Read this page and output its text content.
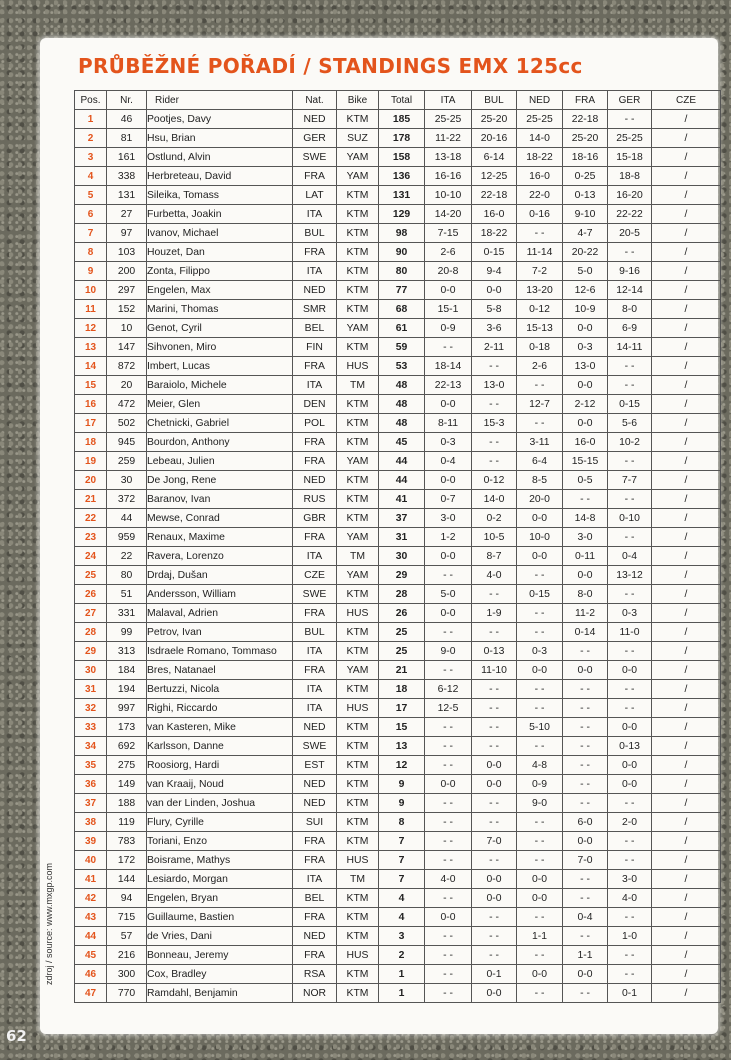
PRŮBĚŽNÉ POŘADÍ / STANDINGS EMX 125cc
Pos.	Nr.	Rider	Nat.	Bike	Total	ITA	BUL	NED	FRA	GER	CZE
1	46	Pootjes, Davy	NED	KTM	185	25-25	25-20	25-25	22-18	- -	/
2	81	Hsu, Brian	GER	SUZ	178	11-22	20-16	14-0	25-20	25-25	/
3	161	Ostlund, Alvin	SWE	YAM	158	13-18	6-14	18-22	18-16	15-18	/
4	338	Herbreteau, David	FRA	YAM	136	16-16	12-25	16-0	0-25	18-8	/
5	131	Sileika, Tomass	LAT	KTM	131	10-10	22-18	22-0	0-13	16-20	/
6	27	Furbetta, Joakin	ITA	KTM	129	14-20	16-0	0-16	9-10	22-22	/
7	97	Ivanov, Michael	BUL	KTM	98	7-15	18-22	- -	4-7	20-5	/
8	103	Houzet, Dan	FRA	KTM	90	2-6	0-15	11-14	20-22	- -	/
9	200	Zonta, Filippo	ITA	KTM	80	20-8	9-4	7-2	5-0	9-16	/
10	297	Engelen, Max	NED	KTM	77	0-0	0-0	13-20	12-6	12-14	/
11	152	Marini, Thomas	SMR	KTM	68	15-1	5-8	0-12	10-9	8-0	/
12	10	Genot, Cyril	BEL	YAM	61	0-9	3-6	15-13	0-0	6-9	/
13	147	Sihvonen, Miro	FIN	KTM	59	- -	2-11	0-18	0-3	14-11	/
14	872	Imbert, Lucas	FRA	HUS	53	18-14	- -	2-6	13-0	- -	/
15	20	Baraiolo, Michele	ITA	TM	48	22-13	13-0	- -	0-0	- -	/
16	472	Meier, Glen	DEN	KTM	48	0-0	- -	12-7	2-12	0-15	/
17	502	Chetnicki, Gabriel	POL	KTM	48	8-11	15-3	- -	0-0	5-6	/
18	945	Bourdon, Anthony	FRA	KTM	45	0-3	- -	3-11	16-0	10-2	/
19	259	Lebeau, Julien	FRA	YAM	44	0-4	- -	6-4	15-15	- -	/
20	30	De Jong, Rene	NED	KTM	44	0-0	0-12	8-5	0-5	7-7	/
21	372	Baranov, Ivan	RUS	KTM	41	0-7	14-0	20-0	- -	- -	/
22	44	Mewse, Conrad	GBR	KTM	37	3-0	0-2	0-0	14-8	0-10	/
23	959	Renaux, Maxime	FRA	YAM	31	1-2	10-5	10-0	3-0	- -	/
24	22	Ravera, Lorenzo	ITA	TM	30	0-0	8-7	0-0	0-11	0-4	/
25	80	Drdaj, Dušan	CZE	YAM	29	- -	4-0	- -	0-0	13-12	/
26	51	Andersson, William	SWE	KTM	28	5-0	- -	0-15	8-0	- -	/
27	331	Malaval, Adrien	FRA	HUS	26	0-0	1-9	- -	11-2	0-3	/
28	99	Petrov, Ivan	BUL	KTM	25	- -	- -	- -	0-14	11-0	/
29	313	Isdraele Romano, Tommaso	ITA	KTM	25	9-0	0-13	0-3	- -	- -	/
30	184	Bres, Natanael	FRA	YAM	21	- -	11-10	0-0	0-0	0-0	/
31	194	Bertuzzi, Nicola	ITA	KTM	18	6-12	- -	- -	- -	- -	/
32	997	Righi, Riccardo	ITA	HUS	17	12-5	- -	- -	- -	- -	/
33	173	van Kasteren, Mike	NED	KTM	15	- -	- -	5-10	- -	0-0	/
34	692	Karlsson, Danne	SWE	KTM	13	- -	- -	- -	- -	0-13	/
35	275	Roosiorg, Hardi	EST	KTM	12	- -	0-0	4-8	- -	0-0	/
36	149	van Kraaij, Noud	NED	KTM	9	0-0	0-0	0-9	- -	0-0	/
37	188	van der Linden, Joshua	NED	KTM	9	- -	- -	9-0	- -	- -	/
38	119	Flury, Cyrille	SUI	KTM	8	- -	- -	- -	6-0	2-0	/
39	783	Toriani, Enzo	FRA	KTM	7	- -	7-0	- -	0-0	- -	/
40	172	Boisrame, Mathys	FRA	HUS	7	- -	- -	- -	7-0	- -	/
41	144	Lesiardo, Morgan	ITA	TM	7	4-0	0-0	0-0	- -	3-0	/
42	94	Engelen, Bryan	BEL	KTM	4	- -	0-0	0-0	- -	4-0	/
43	715	Guillaume, Bastien	FRA	KTM	4	0-0	- -	- -	0-4	- -	/
44	57	de Vries, Dani	NED	KTM	3	- -	- -	1-1	- -	1-0	/
45	216	Bonneau, Jeremy	FRA	HUS	2	- -	- -	- -	1-1	- -	/
46	300	Cox, Bradley	RSA	KTM	1	- -	0-1	0-0	0-0	- -	/
47	770	Ramdahl, Benjamin	NOR	KTM	1	- -	0-0	- -	- -	0-1	/
zdroj / source: www.mxgp.com
62
